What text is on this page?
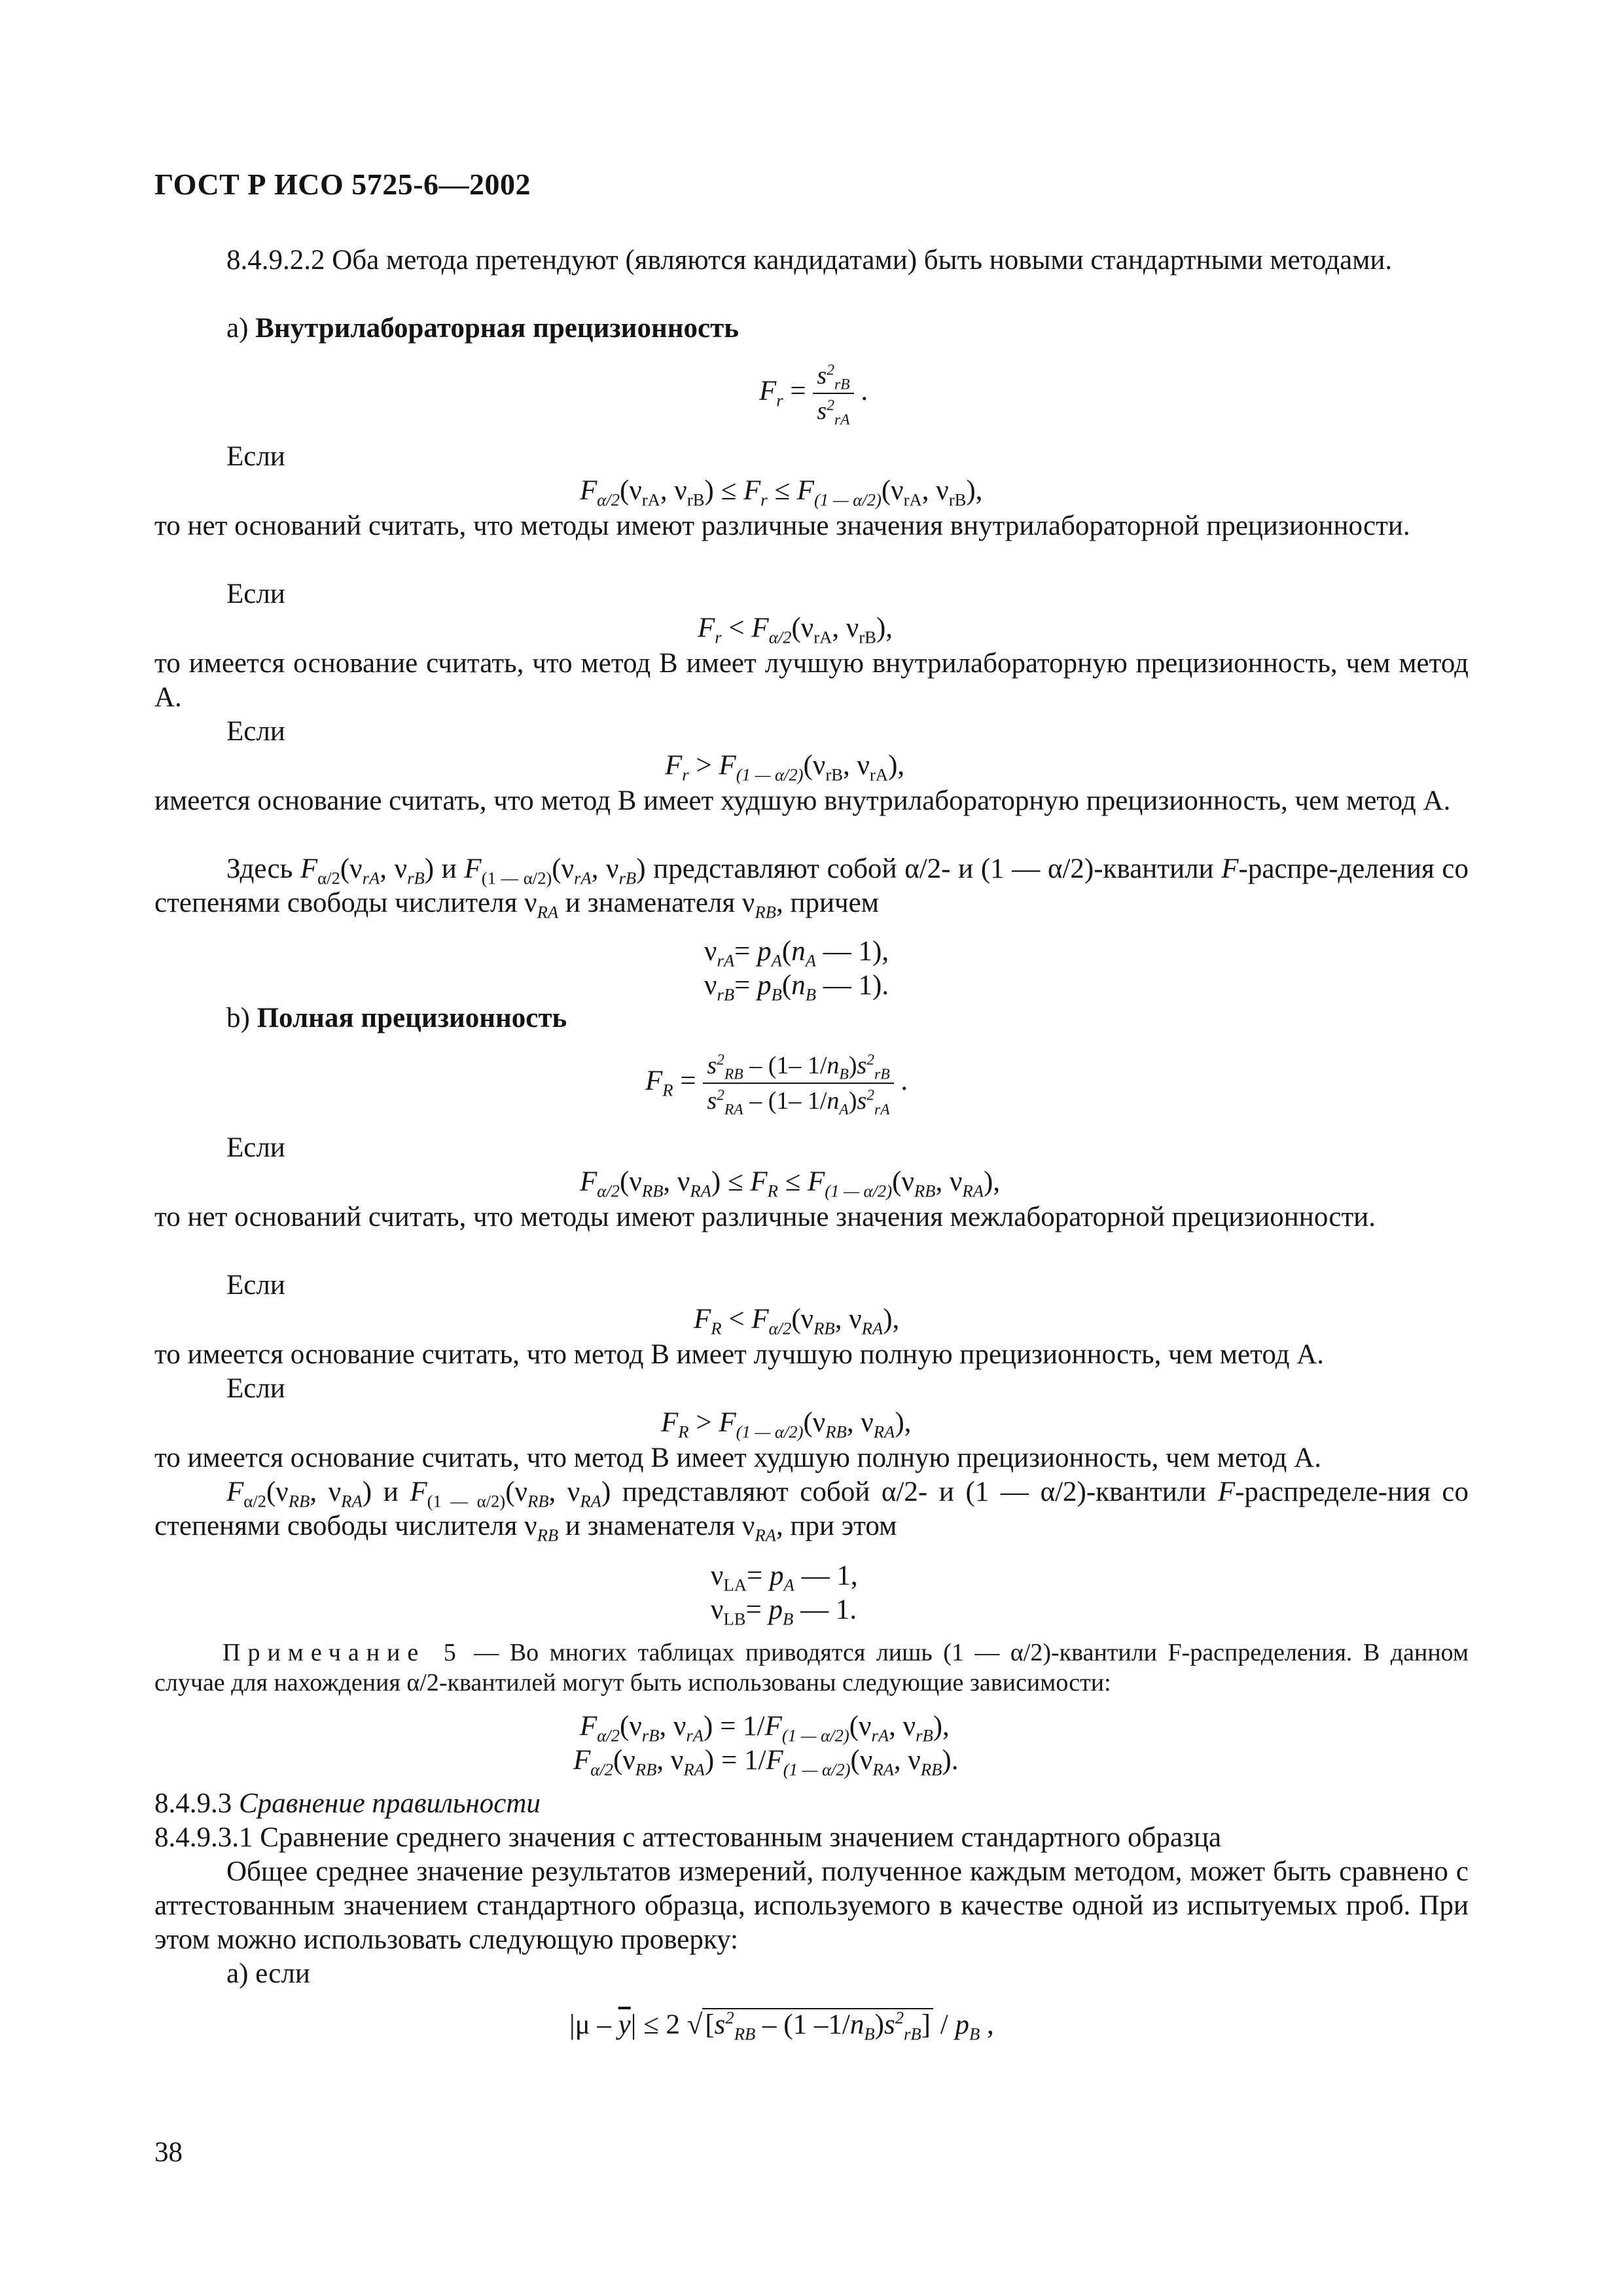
ГОСТ Р ИСО 5725-6—2002
8.4.9.2.2 Оба метода претендуют (являются кандидатами) быть новыми стандартными методами.
а) Внутрилабораторная прецизионность
$F_r = \frac{s^2_{rB}}{s^2_{rA}}$ .
Если
$F_{\alpha/2}(\nu_{rA}$, $\nu_{rB}) \le F_r \le F_{(1 — \alpha/2)}(\nu_{rA}$, $\nu_{rB}$),
то нет оснований считать, что методы имеют различные значения внутрилабораторной прецизионности.
Если
$F_r < F_{\alpha/2}(\nu_{rA}$, $\nu_{rB}$),
то имеется основание считать, что метод В имеет лучшую внутрилабораторную прецизионность, чем метод А.
Если
$F_r > F_{(1 — \alpha/2)}(\nu_{rB}$, $\nu_{rA}$),
имеется основание считать, что метод В имеет худшую внутрилабораторную прецизионность, чем метод А.
Здесь $F_{\alpha/2}(\nu_{rA}$, $\nu_{rB}$) и $F_{(1 — \alpha/2)}(\nu_{rA}$, $\nu_{rB}$) представляют собой α/2- и (1 — α/2)-квантили F-распре-деления со степенями свободы числителя $\nu_{RA}$ и знаменателя $\nu_{RB}$, причем
$\nu_{rA}= p_A(n_A$ — 1),
$\nu_{rB}= p_B(n_B$ — 1).
b) Полная прецизионность
$F_R = \frac{s^2_{RB} - (1- 1/n_B)s^2_{rB}}{s^2_{RA} - (1- 1/n_A)s^2_{rA}}$ .
Если
$F_{\alpha/2}(\nu_{RB}$, $\nu_{RA}) \le F_R \le F_{(1 — \alpha/2)}(\nu_{RB}$, $\nu_{RA}$),
то нет оснований считать, что методы имеют различные значения межлабораторной прецизионности.
Если
$F_R < F_{\alpha/2}(\nu_{RB}$, $\nu_{RA}$),
то имеется основание считать, что метод В имеет лучшую полную прецизионность, чем метод А.
Если
$F_R > F_{(1 — \alpha/2)}(\nu_{RB}$, $\nu_{RA}$),
то имеется основание считать, что метод В имеет худшую полную прецизионность, чем метод А.
$F_{\alpha/2}(\nu_{RB}$, $\nu_{RA}$) и $F_{(1 — \alpha/2)}(\nu_{RB}$, $\nu_{RA}$) представляют собой α/2- и (1 — α/2)-квантили F-распределе-ния со степенями свободы числителя $\nu_{RB}$ и знаменателя $\nu_{RA}$, при этом
$\nu_{LA}= p_A$ — 1,
$\nu_{LB}= p_B$ — 1.
Примечание 5 — Во многих таблицах приводятся лишь (1 — α/2)-квантили F-распределения. В данном случае для нахождения α/2-квантилей могут быть использованы следующие зависимости:
$F_{\alpha/2}(\nu_{rB}$, $\nu_{rA}) = 1/F_{(1 — \alpha/2)}(\nu_{rA}$, $\nu_{rB}$),
$F_{\alpha/2}(\nu_{RB}$, $\nu_{RA}) = 1/F_{(1 — \alpha/2)}(\nu_{RA}$, $\nu_{RB}$).
8.4.9.3 Сравнение правильности
8.4.9.3.1 Сравнение среднего значения с аттестованным значением стандартного образца
Общее среднее значение результатов измерений, полученное каждым методом, может быть сравнено с аттестованным значением стандартного образца, используемого в качестве одной из испытуемых проб. При этом можно использовать следующую проверку:
а) если
$|\mu - \overline{y}| \le 2$ $√[s^2_{RB} - (1$ $-1/n_B)s^2_{rB}] / p_B$ ,
38
